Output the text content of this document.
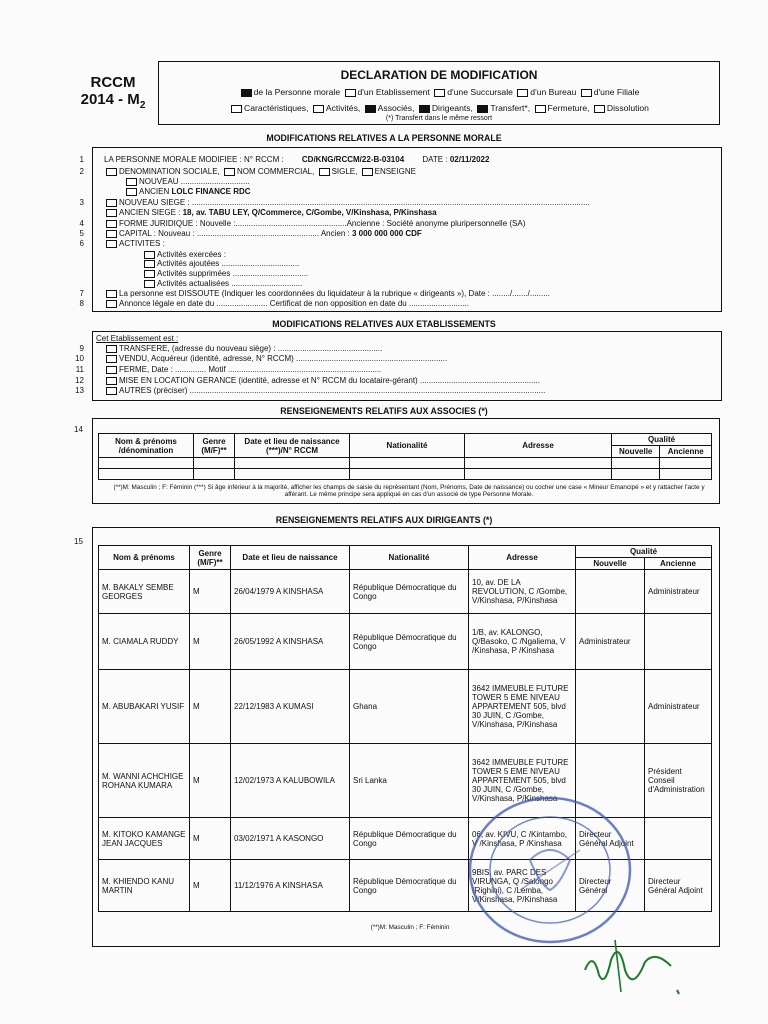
RCCM
$2014 - M_2$
DECLARATION DE MODIFICATION
de la Personne morale d'un Etablissement d'une Succursale d'un Bureau d'une Filiale
Caractéristiques, Activités, Associés, Dirigeants, Transfert*, Fermeture, Dissolution
(*) Transfert dans le même ressort
MODIFICATIONS RELATIVES A LA PERSONNE MORALE
1
2
3
4
5
6
7
8
LA PERSONNE MORALE MODIFIEE : N° RCCM : CD/KNG/RCCM/22-B-03104 DATE : 02/11/2022
DENOMINATION SOCIALE, NOM COMMERCIAL, SIGLE, ENSEIGNE
NOUVEAU ...............................
ANCIEN LOLC FINANCE RDC
NOUVEAU SIEGE : ...................................................................................................................................................................................
ANCIEN SIEGE : 18, av. TABU LEY, Q/Commerce, C/Gombe, V/Kinshasa, P/Kinshasa
FORME JURIDIQUE : Nouvelle :..................................................Ancienne : Société anonyme pluripersonnelle (SA)
CAPITAL : Nouveau : ....................................................... Ancien : 3 000 000 000 CDF
ACTIVITES :
Activités exercées :
Activités ajoutées ...................................
Activités supprimées ..................................
Activités actualisées ................................
La personne est DISSOUTE (Indiquer les coordonnées du liquidateur à la rubrique « dirigeants »), Date : ......../......./.........
Annonce légale en date du ....................... Certificat de non opposition en date du ...........................
MODIFICATIONS RELATIVES AUX ETABLISSEMENTS
Cet Etablissement est :
9
10
11
12
13
TRANSFERE, (adresse du nouveau siège) : ...............................................
VENDU, Acquéreur (identité, adresse, N° RCCM) ....................................................................
FERME, Date : .............. Motif .....................................................................
MISE EN LOCATION GERANCE (identité, adresse et N° RCCM du locataire-gérant) ......................................................
AUTRES (préciser) ................................................................................................................................................................
RENSEIGNEMENTS RELATIFS AUX ASSOCIES (*)
14
Nom & prénoms /dénomination	Genre (M/F)**	Date et lieu de naissance (***)/N° RCCM	Nationalité	Adresse	Qualité	
					Nouvelle	Ancienne

(**)M: Masculin ; F: Féminin (***) Si âge inférieur à la majorité, afficher les champs de saisie du représentant (Nom, Prénoms, Date de naissance) ou cocher une case « Mineur Emancipé » et y rattacher l'acte y afférant. Le même principe sera appliqué en cas d'un associé de type Personne Morale.
RENSEIGNEMENTS RELATIFS AUX DIRIGEANTS (*)
15
Nom & prénoms	Genre (M/F)**	Date et lieu de naissance	Nationalité	Adresse	Qualité	
					Nouvelle	Ancienne
M. BAKALY SEMBE GEORGES	M	26/04/1979 A KINSHASA	République Démocratique du Congo	10, av. DE LA REVOLUTION, C /Gombe, V/Kinshasa, P/Kinshasa		Administrateur
M. CIAMALA RUDDY	M	26/05/1992 A KINSHASA	République Démocratique du Congo	1/B, av. KALONGO, Q/Basoko, C /Ngaliema, V /Kinshasa, P /Kinshasa	Administrateur	
M. ABUBAKARI YUSIF	M	22/12/1983 A KUMASI	Ghana	3642 IMMEUBLE FUTURE TOWER 5 EME NIVEAU APPARTEMENT 505, blvd 30 JUIN, C /Gombe, V/Kinshasa, P/Kinshasa		Administrateur
M. WANNI ACHCHIGE ROHANA KUMARA	M	12/02/1973 A KALUBOWILA	Sri Lanka	3642 IMMEUBLE FUTURE TOWER 5 EME NIVEAU APPARTEMENT 505, blvd 30 JUIN, C /Gombe, V/Kinshasa, P/Kinshasa		Président Conseil d'Administration
M. KITOKO KAMANGE JEAN JACQUES	M	03/02/1971 A KASONGO	République Démocratique du Congo	06, av. KIVU, C /Kintambo, V /Kinshasa, P /Kinshasa	Directeur Général Adjoint	
M. KHIENDO KANU MARTIN	M	11/12/1976 A KINSHASA	République Démocratique du Congo	9BIS, av. PARC DES VIRUNGA, Q /Salongo (Righini), C /Lemba, V/Kinshasa, P/Kinshasa	Directeur Général	Directeur Général Adjoint
(**)M: Masculin ; F: Féminin
